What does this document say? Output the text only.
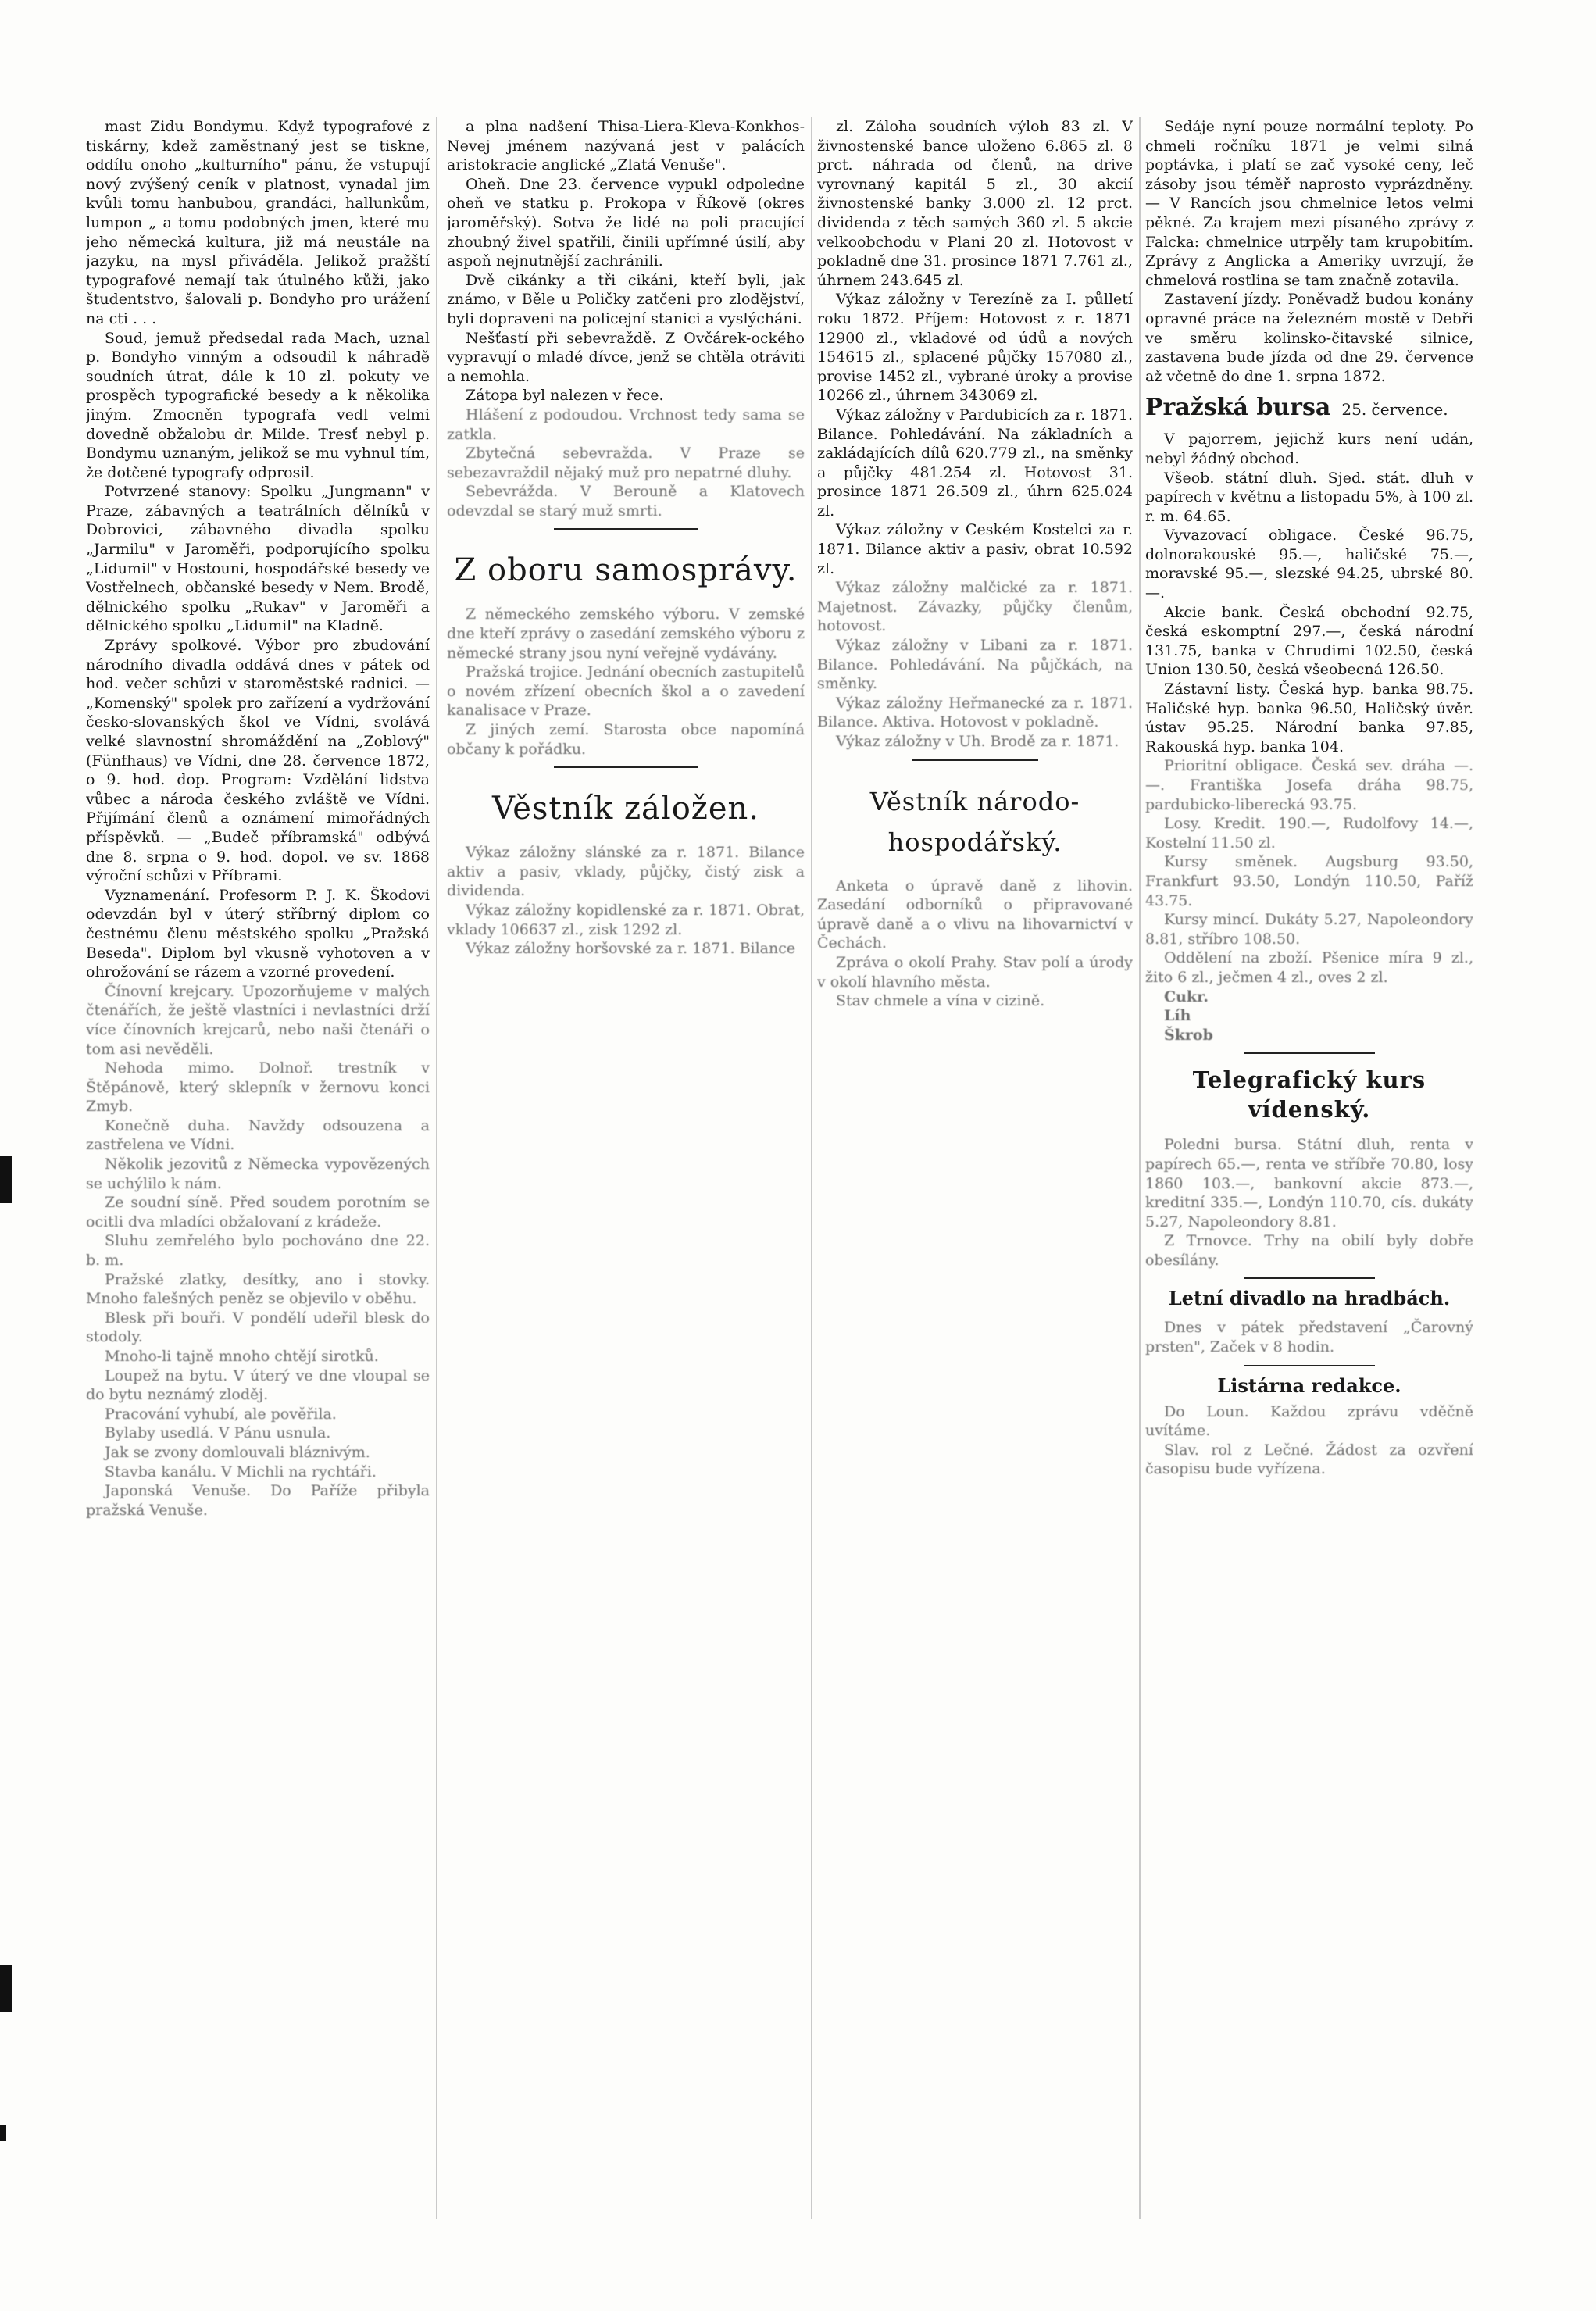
mast Zidu Bondymu. Když typografové z tiskárny, kdež zaměstnaný jest se tiskne, oddílu onoho „kulturního" pánu, že vstupují nový zvýšený ceník v platnost, vynadal jim kvůli tomu hanbubou, grandáci, hallunkům, lumpon „ a tomu podobných jmen, které mu jeho německá kultura, již má neustále na jazyku, na mysl přiváděla. Jelikož pražští typografové nemají tak útulného kůži, jako študentstvo, šalovali p. Bondyho pro urážení na cti . . .

Soud, jemuž předsedal rada Mach, uznal p. Bondyho vinným a odsoudil k náhradě soudních útrat, dále k 10 zl. pokuty ve prospěch typografické besedy a k několika jiným. Zmocněn typografa vedl velmi dovedně obžalobu dr. Milde. Tresť nebyl p. Bondymu uznaným, jelikož se mu vyhnul tím, že dotčené typografy odprosil.

Potvrzené stanovy: Spolku „Jungmann" v Praze, zábavných a teatrálních dělníků v Dobrovici, zábavného divadla spolku „Jarmilu" v Jaroměři, podporujícího spolku „Lidumil" v Hostouni, hospodářské besedy ve Vostřelnech, občanské besedy v Nem. Brodě, dělnického spolku „Rukav" v Jaroměři a dělnického spolku „Lidumil" na Kladně.

Zprávy spolkové. Výbor pro zbudování národního divadla oddává dnes v pátek od hod. večer schůzi v staroměstské radnici. — „Komenský" spolek pro zařízení a vydržování česko-slovanských škol ve Vídni, svolává velké slavnostní shromáždění na „Zoblový" (Fünfhaus) ve Vídni, dne 28. července 1872, o 9. hod. dop. Program: Vzdělání lidstva vůbec a národa českého zvláště ve Vídni. Přijímání členů a oznámení mimořádných příspěvků. — „Budeč příbramská" odbývá dne 8. srpna o 9. hod. dopol. ve sv. 1868 výroční schůzi v Příbrami.

Vyznamenání. Profesorm P. J. K. Škodovi odevzdán byl v úterý stříbrný diplom co čestnému členu městského spolku „Pražská Beseda". Diplom byl vkusně vyhotoven a v ohrožování se rázem a vzorné provedení.

Čínovní krejcary. Upozorňujeme v malých čtenářích, že ještě vlastníci i nevlastníci drží více čínovních krejcarů, nebo naši čtenáři o tom asi nevěděli.

Nehoda mimo. Dolnoř. trestník v Štěpánově, který sklepník v žernovu konci Zmyb.

Konečně duha. Navždy odsouzena a zastřelena ve Vídni.

Několik jezovitů z Německa vypovězených se uchýlilo k nám.

Ze soudní síně. Před soudem porotním se ocitli dva mladíci obžalovaní z krádeže.

Sluhu zemřelého bylo pochováno dne 22. b. m.

Pražské zlatky, desítky, ano i stovky. Mnoho falešných peněz se objevilo v oběhu.

Blesk při bouři. V pondělí udeřil blesk do stodoly.

Mnoho-li tajně mnoho chtějí sirotků.

Loupež na bytu. V úterý ve dne vloupal se do bytu neznámý zloděj.

Pracování vyhubí, ale pověřila.

Bylaby usedlá. V Pánu usnula.

Jak se zvony domlouvali bláznivým.

Stavba kanálu. V Michli na rychtáři.

Japonská Venuše. Do Paříže přibyla pražská Venuše.

a plna nadšení Thisa-Liera-Kleva-Konkhos-Nevej jménem nazývaná jest v palácích aristokracie anglické „Zlatá Venuše".

Oheň. Dne 23. července vypukl odpoledne oheň ve statku p. Prokopa v Říkově (okres jaroměřský). Sotva že lidé na poli pracující zhoubný živel spatřili, činili upřímné úsilí, aby aspoň nejnutnější zachránili.

Dvě cikánky a tři cikáni, kteří byli, jak známo, v Běle u Poličky zatčeni pro zlodějství, byli dopraveni na policejní stanici a vyslýcháni.

Nešťastí při sebevraždě. Z Ovčárek-ockého vypravují o mladé dívce, jenž se chtěla otráviti a nemohla.

Zátopa byl nalezen v řece.

Hlášení z podoudou. Vrchnost tedy sama se zatkla.

Zbytečná sebevražda. V Praze se sebezavraždil nějaký muž pro nepatrné dluhy.

Sebevrážda. V Berouně a Klatovech odevzdal se starý muž smrti.

Z oboru samosprávy.

Z německého zemského výboru. V zemské dne kteří zprávy o zasedání zemského výboru z německé strany jsou nyní veřejně vydávány.

Pražská trojice. Jednání obecních zastupitelů o novém zřízení obecních škol a o zavedení kanalisace v Praze.

Z jiných zemí. Starosta obce napomíná občany k pořádku.

Věstník záložen.

Výkaz záložny slánské za r. 1871. Bilance aktiv a pasiv, vklady, půjčky, čistý zisk a dividenda.

Výkaz záložny kopidlenské za r. 1871. Obrat, vklady 106637 zl., zisk 1292 zl.

Výkaz záložny horšovské za r. 1871. Bilance

zl. Záloha soudních výloh 83 zl. V živnostenské bance uloženo 6.865 zl. 8 prct. náhrada od členů, na drive vyrovnaný kapitál 5 zl., 30 akcií živnostenské banky 3.000 zl. 12 prct. dividenda z těch samých 360 zl. 5 akcie velkoobchodu v Plani 20 zl. Hotovost v pokladně dne 31. prosince 1871 7.761 zl., úhrnem 243.645 zl.

Výkaz záložny v Terezíně za I. půlletí roku 1872. Příjem: Hotovost z r. 1871 12900 zl., vkladové od údů a nových 154615 zl., splacené půjčky 157080 zl., provise 1452 zl., vybrané úroky a provise 10266 zl., úhrnem 343069 zl.

Výkaz záložny v Pardubicích za r. 1871. Bilance. Pohledávání. Na základních a zakládajících dílů 620.779 zl., na směnky a půjčky 481.254 zl. Hotovost 31. prosince 1871 26.509 zl., úhrn 625.024 zl.

Výkaz záložny v Ceském Kostelci za r. 1871. Bilance aktiv a pasiv, obrat 10.592 zl.

Výkaz záložny malčické za r. 1871. Majetnost. Závazky, půjčky členům, hotovost.

Výkaz záložny v Libani za r. 1871. Bilance. Pohledávání. Na půjčkách, na směnky.

Výkaz záložny Heřmanecké za r. 1871. Bilance. Aktiva. Hotovost v pokladně.

Výkaz záložny v Uh. Brodě za r. 1871.

Věstník národo-hospodářský.

Anketa o úpravě daně z lihovin. Zasedání odborníků o připravované úpravě daně a o vlivu na lihovarnictví v Čechách.

Zpráva o okolí Prahy. Stav polí a úrody v okolí hlavního města.

Stav chmele a vína v cizině.

Sedáje nyní pouze normální teploty. Po chmeli ročníku 1871 je velmi silná poptávka, i platí se zač vysoké ceny, leč zásoby jsou téměř naprosto vyprázdněny. — V Rancích jsou chmelnice letos velmi pěkné. Za krajem mezi písaného zprávy z Falcka: chmelnice utrpěly tam krupobitím. Zprávy z Anglicka a Ameriky uvrzují, že chmelová rostlina se tam značně zotavila.

Zastavení jízdy. Poněvadž budou konány opravné práce na železném mostě v Debři ve směru kolinsko-čitavské silnice, zastavena bude jízda od dne 29. července až včetně do dne 1. srpna 1872.

Pražská bursa 25. července.

V pajorrem, jejichž kurs není udán, nebyl žádný obchod.

Všeob. státní dluh. Sjed. stát. dluh v papírech v květnu a listopadu 5%, à 100 zl. r. m. 64.65.

Vyvazovací obligace. České 96.75, dolnorakouské 95.—, haličské 75.—, moravské 95.—, slezské 94.25, ubrské 80.—.

Akcie bank. Česká obchodní 92.75, česká eskomptní 297.—, česká národní 131.75, banka v Chrudimi 102.50, česká Union 130.50, česká všeobecná 126.50.

Zástavní listy. Česká hyp. banka 98.75. Haličské hyp. banka 96.50, Haličský úvěr. ústav 95.25. Národní banka 97.85, Rakouská hyp. banka 104.

Prioritní obligace. Česká sev. dráha —.—. Františka Josefa dráha 98.75, pardubicko-liberecká 93.75.

Losy. Kredit. 190.—, Rudolfovy 14.—, Kostelní 11.50 zl.

Kursy směnek. Augsburg 93.50, Frankfurt 93.50, Londýn 110.50, Paříž 43.75.

Kursy mincí. Dukáty 5.27, Napoleondory 8.81, stříbro 108.50.

Oddělení na zboží. Pšenice míra 9 zl., žito 6 zl., ječmen 4 zl., oves 2 zl.

Cukr.

Líh

Škrob

Telegrafický kurs vídenský.

Poledni bursa. Státní dluh, renta v papírech 65.—, renta ve stříbře 70.80, losy 1860 103.—, bankovní akcie 873.—, kreditní 335.—, Londýn 110.70, cís. dukáty 5.27, Napoleondory 8.81.

Z Trnovce. Trhy na obilí byly dobře obesílány.

Letní divadlo na hradbách.

Dnes v pátek představení „Čarovný prsten", Začek v 8 hodin.

Listárna redakce.

Do Loun. Každou zprávu vděčně uvítáme.

Slav. rol z Lečné. Žádost za ozvření časopisu bude vyřízena.
